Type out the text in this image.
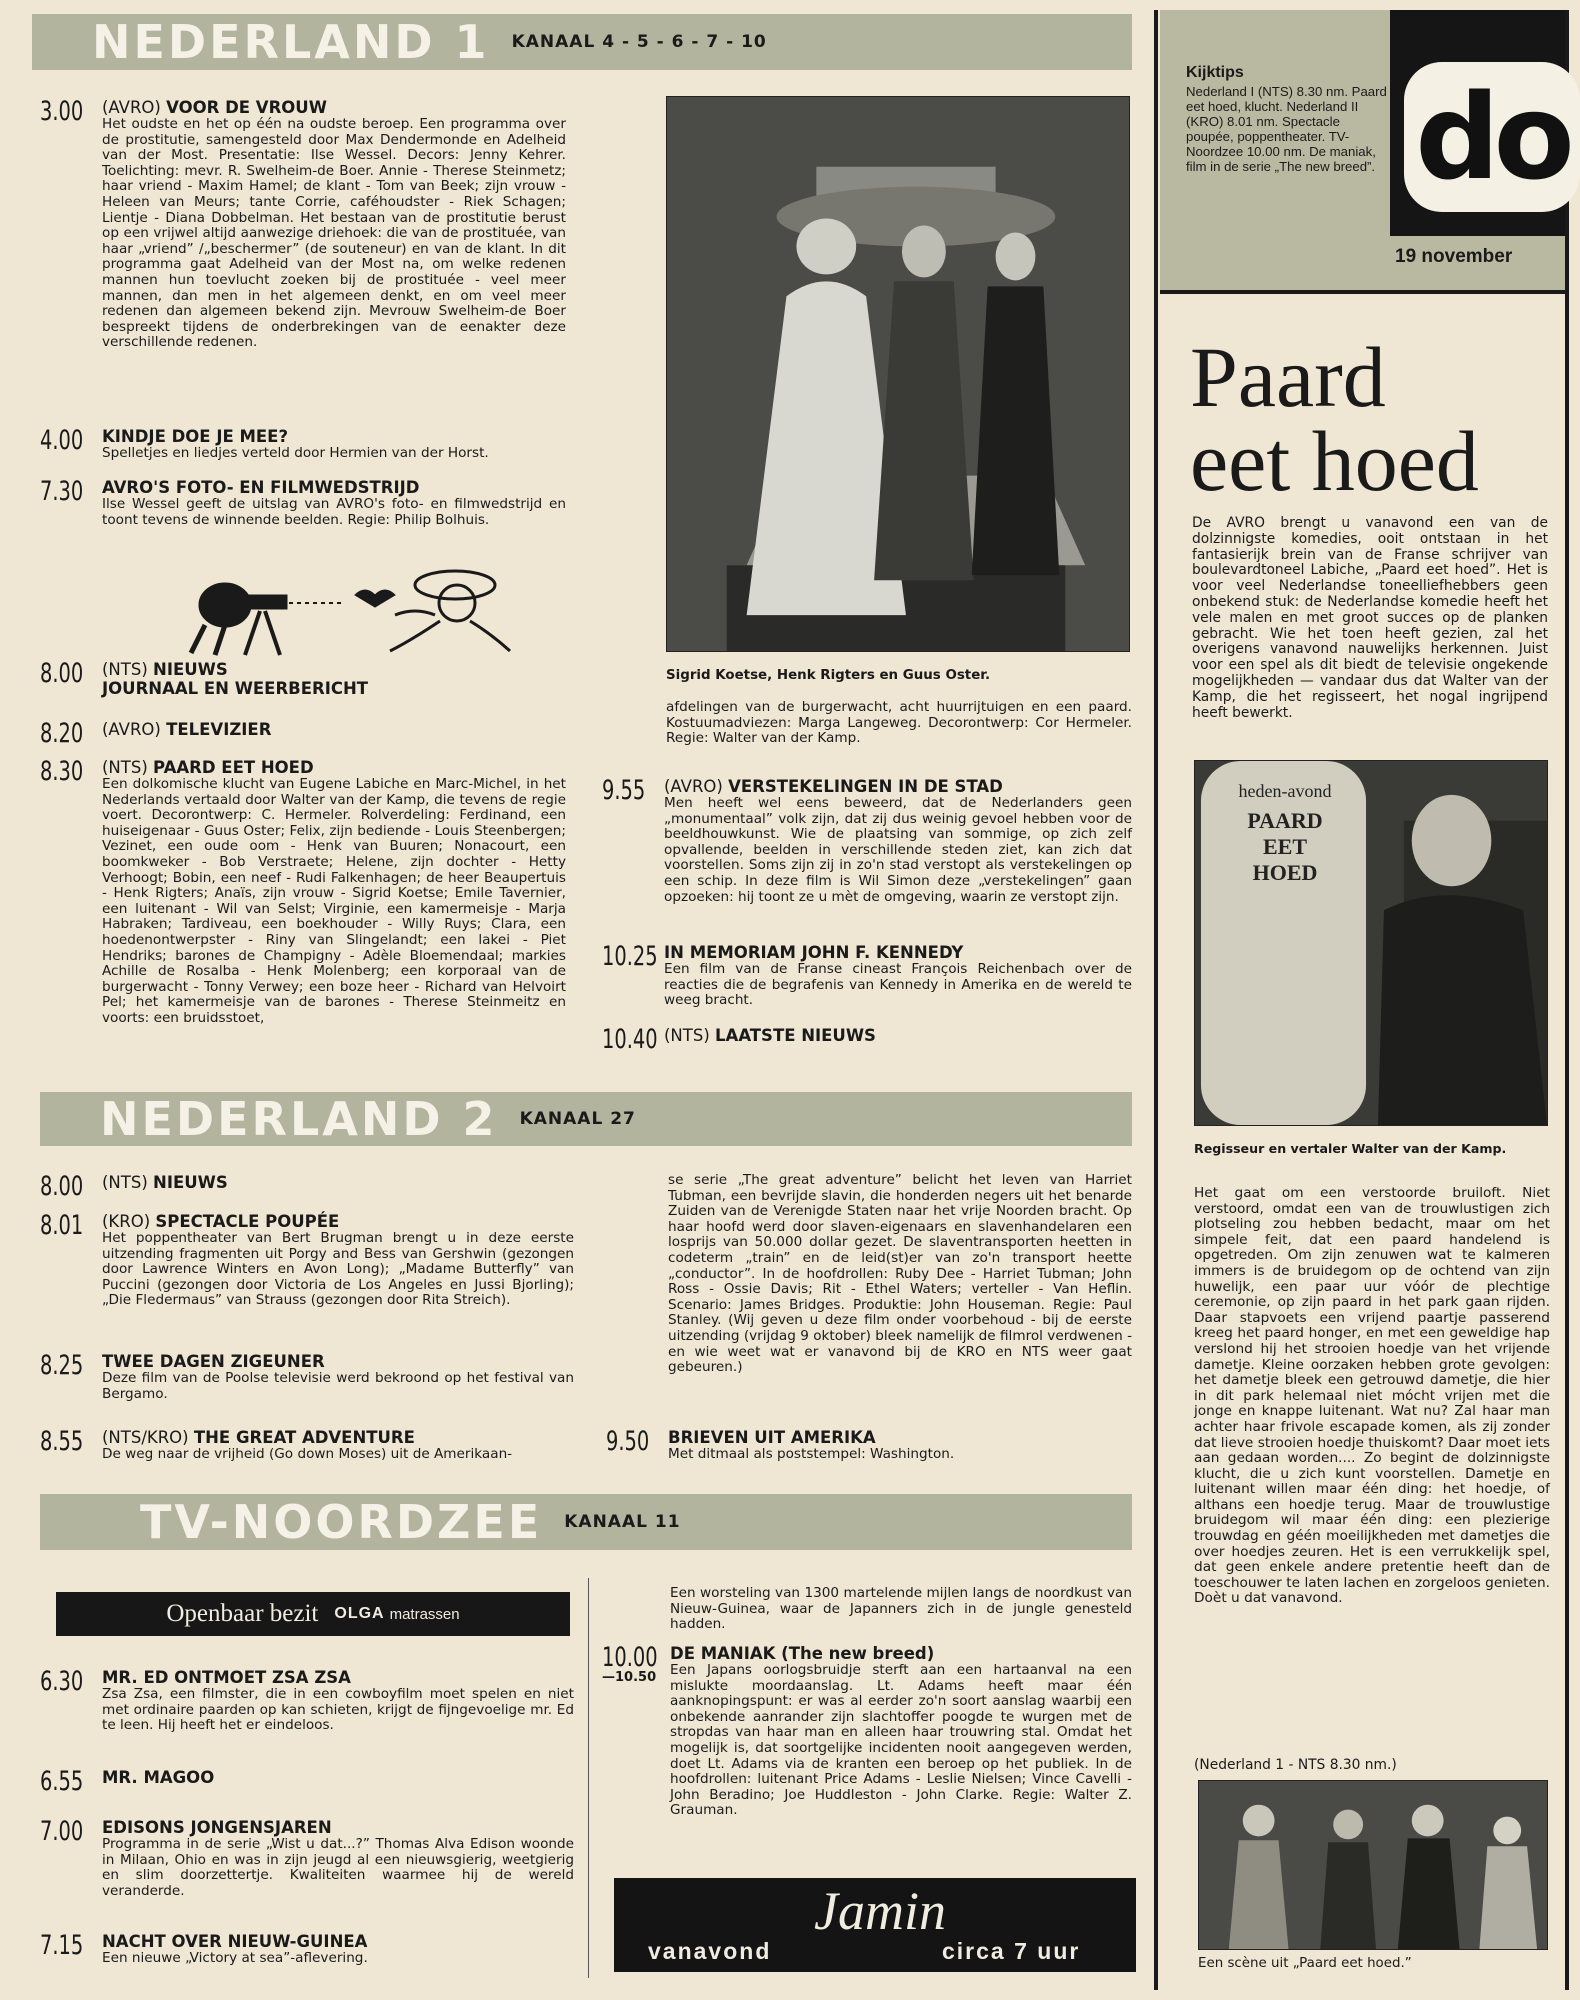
NEDERLAND 1 KANAAL 4 - 5 - 6 - 7 - 10
3.00 (AVRO) VOOR DE VROUW
Het oudste en het op één na oudste beroep. Een programma over de prostitutie, samengesteld door Max Dendermonde en Adelheid van der Most. Presentatie: Ilse Wessel. Decors: Jenny Kehrer. Toelichting: mevr. R. Swelheim-de Boer. Annie - Therese Steinmetz; haar vriend - Maxim Hamel; de klant - Tom van Beek; zijn vrouw - Heleen van Meurs; tante Corrie, caféhoudster - Riek Schagen; Lientje - Diana Dobbelman. Het bestaan van de prostitutie berust op een vrijwel altijd aanwezige driehoek: die van de prostituée, van haar „vriend” /„beschermer” (de souteneur) en van de klant. In dit programma gaat Adelheid van der Most na, om welke redenen mannen hun toevlucht zoeken bij de prostituée - veel meer mannen, dan men in het algemeen denkt, en om veel meer redenen dan algemeen bekend zijn. Mevrouw Swelheim-de Boer bespreekt tijdens de onderbrekingen van de eenakter deze verschillende redenen.
4.00 KINDJE DOE JE MEE?
Spelletjes en liedjes verteld door Hermien van der Horst.
7.30 AVRO'S FOTO- EN FILMWEDSTRIJD
Ilse Wessel geeft de uitslag van AVRO's foto- en filmwedstrijd en toont tevens de winnende beelden. Regie: Philip Bolhuis.
8.00 (NTS) NIEUWS
JOURNAAL EN WEERBERICHT
8.20 (AVRO) TELEVIZIER
8.30 (NTS) PAARD EET HOED
Een dolkomische klucht van Eugene Labiche en Marc-Michel, in het Nederlands vertaald door Walter van der Kamp, die tevens de regie voert. Decorontwerp: C. Hermeler. Rolverdeling: Ferdinand, een huiseigenaar - Guus Oster; Felix, zijn bediende - Louis Steenbergen; Vezinet, een oude oom - Henk van Buuren; Nonacourt, een boomkweker - Bob Verstraete; Helene, zijn dochter - Hetty Verhoogt; Bobin, een neef - Rudi Falkenhagen; de heer Beaupertuis - Henk Rigters; Anaïs, zijn vrouw - Sigrid Koetse; Emile Tavernier, een luitenant - Wil van Selst; Virginie, een kamermeisje - Marja Habraken; Tardiveau, een boekhouder - Willy Ruys; Clara, een hoedenontwerpster - Riny van Slingelandt; een lakei - Piet Hendriks; barones de Champigny - Adèle Bloemendaal; markies Achille de Rosalba - Henk Molenberg; een korporaal van de burgerwacht - Tonny Verwey; een boze heer - Richard van Helvoirt Pel; het kamermeisje van de barones - Therese Steinmeitz en voorts: een bruidsstoet,
Sigrid Koetse, Henk Rigters en Guus Oster.
afdelingen van de burgerwacht, acht huurrijtuigen en een paard. Kostuumadviezen: Marga Langeweg. Decorontwerp: Cor Hermeler. Regie: Walter van der Kamp.
9.55 (AVRO) VERSTEKELINGEN IN DE STAD
Men heeft wel eens beweerd, dat de Nederlanders geen „monumentaal” volk zijn, dat zij dus weinig gevoel hebben voor de beeldhouwkunst. Wie de plaatsing van sommige, op zich zelf opvallende, beelden in verschillende steden ziet, kan zich dat voorstellen. Soms zijn zij in zo'n stad verstopt als verstekelingen op een schip. In deze film is Wil Simon deze „verstekelingen” gaan opzoeken: hij toont ze u mèt de omgeving, waarin ze verstopt zijn.
10.25 IN MEMORIAM JOHN F. KENNEDY
Een film van de Franse cineast François Reichenbach over de reacties die de begrafenis van Kennedy in Amerika en de wereld te weeg bracht.
10.40 (NTS) LAATSTE NIEUWS
NEDERLAND 2 KANAAL 27
8.00 (NTS) NIEUWS
8.01 (KRO) SPECTACLE POUPÉE
Het poppentheater van Bert Brugman brengt u in deze eerste uitzending fragmenten uit Porgy and Bess van Gershwin (gezongen door Lawrence Winters en Avon Long); „Madame Butterfly” van Puccini (gezongen door Victoria de Los Angeles en Jussi Bjorling); „Die Fledermaus” van Strauss (gezongen door Rita Streich).
8.25 TWEE DAGEN ZIGEUNER
Deze film van de Poolse televisie werd bekroond op het festival van Bergamo.
8.55 (NTS/KRO) THE GREAT ADVENTURE
De weg naar de vrijheid (Go down Moses) uit de Amerikaan-
se serie „The great adventure” belicht het leven van Harriet Tubman, een bevrijde slavin, die honderden negers uit het benarde Zuiden van de Verenigde Staten naar het vrije Noorden bracht. Op haar hoofd werd door slaven-eigenaars en slavenhandelaren een losprijs van 50.000 dollar gezet. De slaventransporten heetten in codeterm „train” en de leid(st)er van zo'n transport heette „conductor”. In de hoofdrollen: Ruby Dee - Harriet Tubman; John Ross - Ossie Davis; Rit - Ethel Waters; verteller - Van Heflin. Scenario: James Bridges. Produktie: John Houseman. Regie: Paul Stanley. (Wij geven u deze film onder voorbehoud - bij de eerste uitzending (vrijdag 9 oktober) bleek namelijk de filmrol verdwenen - en wie weet wat er vanavond bij de KRO en NTS weer gaat gebeuren.)
9.50 BRIEVEN UIT AMERIKA
Met ditmaal als poststempel: Washington.
TV-NOORDZEE KANAAL 11
Openbaar bezit OLGA matrassen
6.30 MR. ED ONTMOET ZSA ZSA
Zsa Zsa, een filmster, die in een cowboyfilm moet spelen en niet met ordinaire paarden op kan schieten, krijgt de fijngevoelige mr. Ed te leen. Hij heeft het er eindeloos.
6.55 MR. MAGOO
7.00 EDISONS JONGENSJAREN
Programma in de serie „Wist u dat...?” Thomas Alva Edison woonde in Milaan, Ohio en was in zijn jeugd al een nieuwsgierig, weetgierig en slim doorzettertje. Kwaliteiten waarmee hij de wereld veranderde.
7.15 NACHT OVER NIEUW-GUINEA
Een nieuwe „Victory at sea”-aflevering.
Een worsteling van 1300 martelende mijlen langs de noordkust van Nieuw-Guinea, waar de Japanners zich in de jungle genesteld hadden.
10.00
—10.50
DE MANIAK (The new breed)
Een Japans oorlogsbruidje sterft aan een hartaanval na een mislukte moordaanslag. Lt. Adams heeft maar één aanknopingspunt: er was al eerder zo'n soort aanslag waarbij een onbekende aanrander zijn slachtoffer poogde te wurgen met de stropdas van haar man en alleen haar trouwring stal. Omdat het mogelijk is, dat soortgelijke incidenten nooit aangegeven werden, doet Lt. Adams via de kranten een beroep op het publiek. In de hoofdrollen: luitenant Price Adams - Leslie Nielsen; Vince Cavelli - John Beradino; Joe Huddleston - John Clarke. Regie: Walter Z. Grauman.
Jamin
vanavond	circa 7 uur
Kijktips
Nederland I (NTS) 8.30 nm. Paard eet hoed, klucht. Nederland II (KRO) 8.01 nm. Spectacle poupée, poppentheater. TV-Noordzee 10.00 nm. De maniak, film in de serie „The new breed”. do
19 november
Paard
eet hoed
De AVRO brengt u vanavond een van de dolzinnigste komedies, ooit ontstaan in het fantasierijk brein van de Franse schrijver van boulevardtoneel Labiche, „Paard eet hoed”. Het is voor veel Nederlandse toneelliefhebbers geen onbekend stuk: de Nederlandse komedie heeft het vele malen en met groot succes op de planken gebracht. Wie het toen heeft gezien, zal het overigens vanavond nauwelijks herkennen. Juist voor een spel als dit biedt de televisie ongekende mogelijkheden — vandaar dus dat Walter van der Kamp, die het regisseert, het nogal ingrijpend heeft bewerkt.
heden-avond
PAARD
EET
HOED
Regisseur en vertaler Walter van der Kamp.
Het gaat om een verstoorde bruiloft. Niet verstoord, omdat een van de trouwlustigen zich plotseling zou hebben bedacht, maar om het simpele feit, dat een paard handelend is opgetreden. Om zijn zenuwen wat te kalmeren immers is de bruidegom op de ochtend van zijn huwelijk, een paar uur vóór de plechtige ceremonie, op zijn paard in het park gaan rijden. Daar stapvoets een vrijend paartje passerend kreeg het paard honger, en met een geweldige hap verslond hij het strooien hoedje van het vrijende dametje. Kleine oorzaken hebben grote gevolgen: het dametje bleek een getrouwd dametje, die hier in dit park helemaal niet mócht vrijen met die jonge en knappe luitenant. Wat nu? Zal haar man achter haar frivole escapade komen, als zij zonder dat lieve strooien hoedje thuiskomt? Daar moet iets aan gedaan worden.... Zo begint de dolzinnigste klucht, die u zich kunt voorstellen. Dametje en luitenant willen maar één ding: het hoedje, of althans een hoedje terug. Maar de trouwlustige bruidegom wil maar één ding: een plezierige trouwdag en géén moeilijkheden met dametjes die over hoedjes zeuren. Het is een verrukkelijk spel, dat geen enkele andere pretentie heeft dan de toeschouwer te laten lachen en zorgeloos genieten. Doèt u dat vanavond.
(Nederland 1 - NTS 8.30 nm.)
Een scène uit „Paard eet hoed.”
